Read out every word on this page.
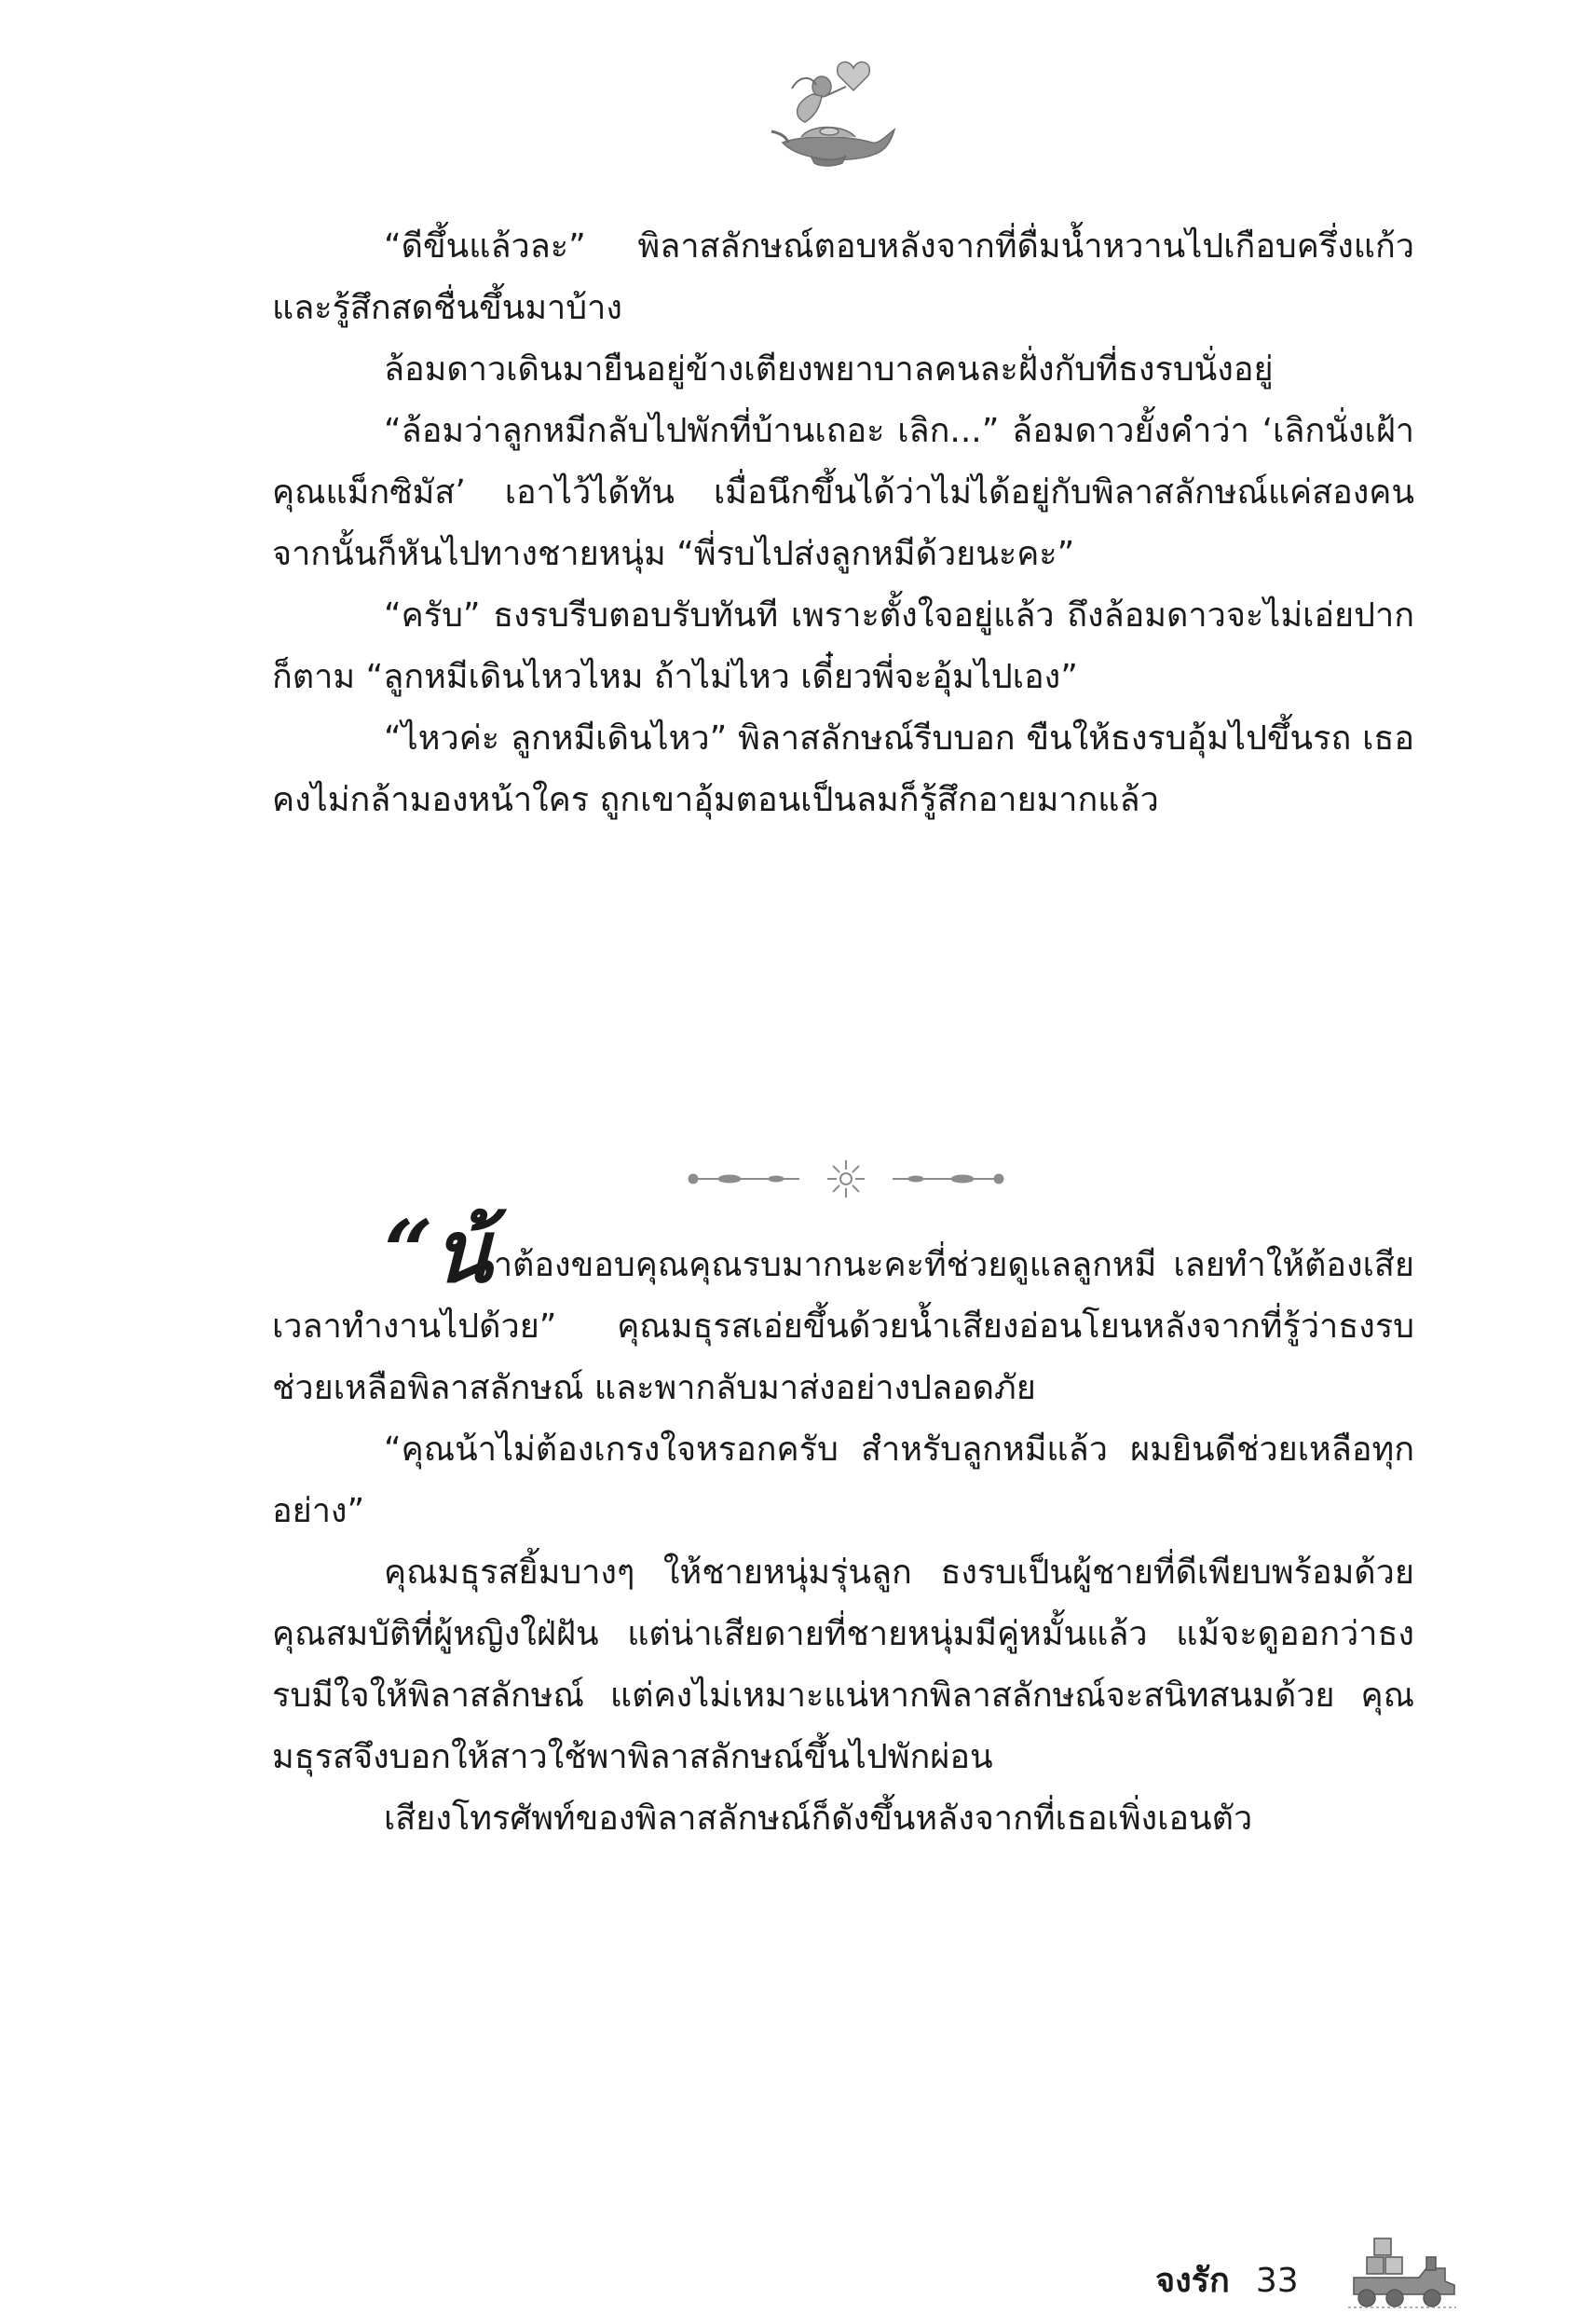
“ดีขึ้นแล้วละ” พิลาสลักษณ์ตอบหลังจากที่ดื่มน้ำหวานไปเกือบครึ่งแก้วและรู้สึกสดชื่นขึ้นมาบ้าง

ล้อมดาวเดินมายืนอยู่ข้างเตียงพยาบาลคนละฝั่งกับที่ธงรบนั่งอยู่

“ล้อมว่าลูกหมีกลับไปพักที่บ้านเถอะ เลิก...” ล้อมดาวยั้งคำว่า ‘เลิกนั่งเฝ้าคุณแม็กซิมัส’ เอาไว้ได้ทัน เมื่อนึกขึ้นได้ว่าไม่ได้อยู่กับพิลาสลักษณ์แค่สองคน จากนั้นก็หันไปทางชายหนุ่ม “พี่รบไปส่งลูกหมีด้วยนะคะ”

“ครับ” ธงรบรีบตอบรับทันที เพราะตั้งใจอยู่แล้ว ถึงล้อมดาวจะไม่เอ่ยปากก็ตาม “ลูกหมีเดินไหวไหม ถ้าไม่ไหว เดี๋ยวพี่จะอุ้มไปเอง”

“ไหวค่ะ ลูกหมีเดินไหว” พิลาสลักษณ์รีบบอก ขืนให้ธงรบอุ้มไปขึ้นรถ เธอคงไม่กล้ามองหน้าใคร ถูกเขาอุ้มตอนเป็นลมก็รู้สึกอายมากแล้ว

“น้าต้องขอบคุณคุณรบมากนะคะที่ช่วยดูแลลูกหมี เลยทำให้ต้องเสียเวลาทำงานไปด้วย” คุณมธุรสเอ่ยขึ้นด้วยน้ำเสียงอ่อนโยนหลังจากที่รู้ว่าธงรบช่วยเหลือพิลาสลักษณ์ และพากลับมาส่งอย่างปลอดภัย

“คุณน้าไม่ต้องเกรงใจหรอกครับ สำหรับลูกหมีแล้ว ผมยินดีช่วยเหลือทุกอย่าง”

คุณมธุรสยิ้มบางๆ ให้ชายหนุ่มรุ่นลูก ธงรบเป็นผู้ชายที่ดีเพียบพร้อมด้วยคุณสมบัติที่ผู้หญิงใฝ่ฝัน แต่น่าเสียดายที่ชายหนุ่มมีคู่หมั้นแล้ว แม้จะดูออกว่าธงรบมีใจให้พิลาสลักษณ์ แต่คงไม่เหมาะแน่หากพิลาสลักษณ์จะสนิทสนมด้วย คุณมธุรสจึงบอกให้สาวใช้พาพิลาสลักษณ์ขึ้นไปพักผ่อน

เสียงโทรศัพท์ของพิลาสลักษณ์ก็ดังขึ้นหลังจากที่เธอเพิ่งเอนตัว

จงรัก 33
